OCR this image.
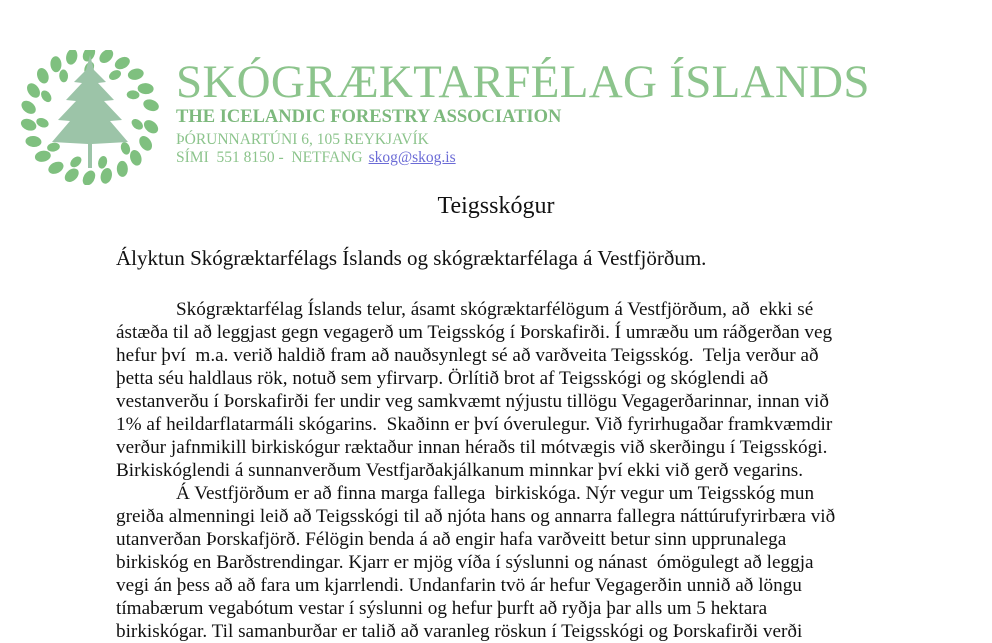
SKÓGRÆKTARFÉLAG ÍSLANDS
THE ICELANDIC FORESTRY ASSOCIATION
ÞÓRUNNARTÚNI 6, 105 REYKJAVÍK
SÍMI  551 8150 -  NETFANG skog@skog.is
Teigsskógur
Ályktun Skógræktarfélags Íslands og skógræktarfélaga á Vestfjörðum.
Skógræktarfélag Íslands telur, ásamt skógræktarfélögum á Vestfjörðum, að  ekki sé
ástæða til að leggjast gegn vegagerð um Teigsskóg í Þorskafirði. Í umræðu um ráðgerðan veg
hefur því  m.a. verið haldið fram að nauðsynlegt sé að varðveita Teigsskóg.  Telja verður að
þetta séu haldlaus rök, notuð sem yfirvarp. Örlítið brot af Teigsskógi og skóglendi að
vestanverðu í Þorskafirði fer undir veg samkvæmt nýjustu tillögu Vegagerðarinnar, innan við
1% af heildarflatarmáli skógarins.  Skaðinn er því óverulegur. Við fyrirhugaðar framkvæmdir
verður jafnmikill birkiskógur ræktaður innan héraðs til mótvægis við skerðingu í Teigsskógi.
Birkiskóglendi á sunnanverðum Vestfjarðakjálkanum minnkar því ekki við gerð vegarins.
Á Vestfjörðum er að finna marga fallega  birkiskóga. Nýr vegur um Teigsskóg mun
greiða almenningi leið að Teigsskógi til að njóta hans og annarra fallegra náttúrufyrirbæra við
utanverðan Þorskafjörð. Félögin benda á að engir hafa varðveitt betur sinn upprunalega
birkiskóg en Barðstrendingar. Kjarr er mjög víða í sýslunni og nánast  ómögulegt að leggja
vegi án þess að að fara um kjarrlendi. Undanfarin tvö ár hefur Vegagerðin unnið að löngu
tímabærum vegabótum vestar í sýslunni og hefur þurft að ryðja þar alls um 5 hektara
birkiskógar. Til samanburðar er talið að varanleg röskun í Teigsskógi og Þorskafirði verði
